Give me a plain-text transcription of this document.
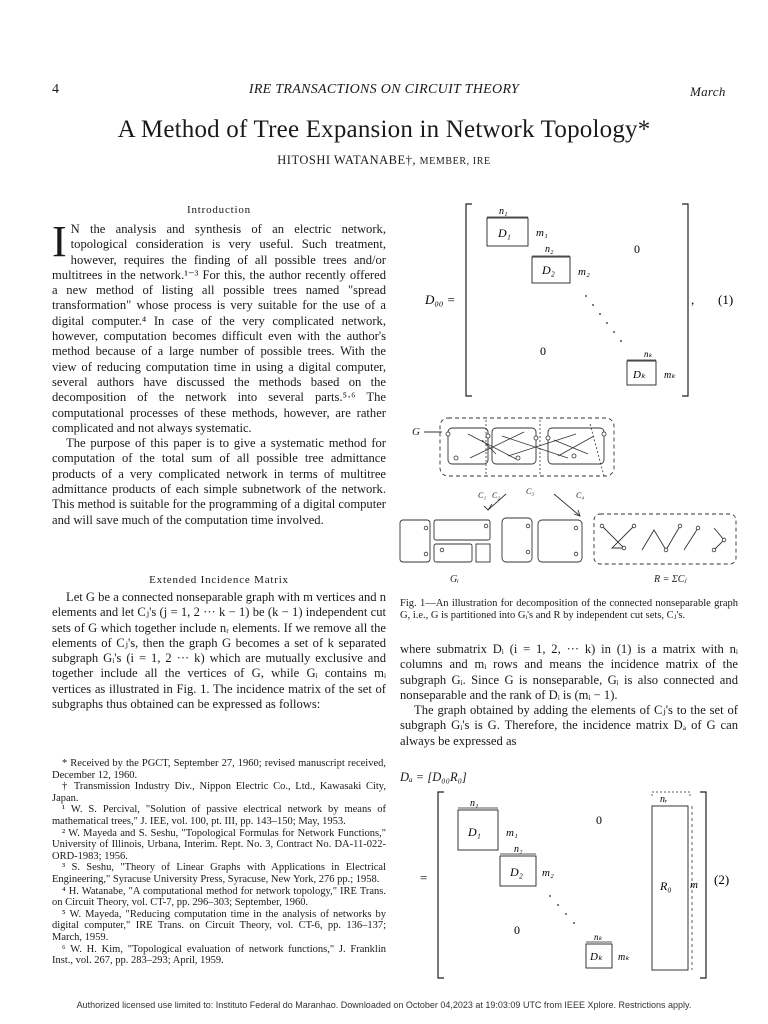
4	IRE TRANSACTIONS ON CIRCUIT THEORY	March
A Method of Tree Expansion in Network Topology*
HITOSHI WATANABE†, MEMBER, IRE
Introduction

I N the analysis and synthesis of an electric network, topological consideration is very useful. Such treatment, however, requires the finding of all possible trees and/or multitrees in the network.¹⁻³ For this, the author recently offered a new method of listing all possible trees named "spread transformation" whose process is very suitable for the use of a digital computer.⁴ In case of the very complicated network, however, computation becomes difficult even with the author's method because of a large number of possible trees. With the view of reducing computation time in using a digital computer, several authors have discussed the methods based on the decomposition of the network into several parts.⁵·⁶ The computational processes of these methods, however, are rather complicated and not always systematic.

The purpose of this paper is to give a systematic method for computation of the total sum of all possible tree admittance products of a very complicated network in terms of multitree admittance products of each simple subnetwork of the network. This method is suitable for the programming of a digital computer and will save much of the computation time involved.

Extended Incidence Matrix

Let G be a connected nonseparable graph with m vertices and n elements and let Cⱼ's (j = 1, 2 ··· k − 1) be (k − 1) independent cut sets of G which together include nᵣ elements. If we remove all the elements of Cⱼ's, then the graph G becomes a set of k separated subgraph Gᵢ's (i = 1, 2 ··· k) which are mutually exclusive and together include all the vertices of G, while Gᵢ contains mᵢ vertices as illustrated in Fig. 1. The incidence matrix of the set of subgraphs thus obtained can be expressed as follows:

* Received by the PGCT, September 27, 1960; revised manuscript received, December 12, 1960.

† Transmission Industry Div., Nippon Electric Co., Ltd., Kawasaki City, Japan.

¹ W. S. Percival, "Solution of passive electrical network by means of mathematical trees," J. IEE, vol. 100, pt. III, pp. 143–150; May, 1953.

² W. Mayeda and S. Seshu, "Topological Formulas for Network Functions," University of Illinois, Urbana, Interim. Rept. No. 3, Contract No. DA-11-022-ORD-1983; 1956.

³ S. Seshu, "Theory of Linear Graphs with Applications in Electrical Engineering," Syracuse University Press, Syracuse, New York, 276 pp.; 1958.

⁴ H. Watanabe, "A computational method for network topology," IRE Trans. on Circuit Theory, vol. CT-7, pp. 296–303; September, 1960.

⁵ W. Mayeda, "Reducing computation time in the analysis of networks by digital computer," IRE Trans. on Circuit Theory, vol. CT-6, pp. 136–137; March, 1959.

⁶ W. H. Kim, "Topological evaluation of network functions," J. Franklin Inst., vol. 267, pp. 283–293; April, 1959.

D₀₀ =
n₁
D₁ m₁
n₂
D₂ m₂
0
0	nₖ
Dₖ mₖ
, (1)
G
C₁ C₂	C₃	C₄
Gᵢ	R = ΣCⱼ
Fig. 1—An illustration for decomposition of the connected nonseparable graph G, i.e., G is partitioned into Gᵢ's and R by independent cut sets, Cⱼ's.

where submatrix Dᵢ (i = 1, 2, ··· k) in (1) is a matrix with nᵢ columns and mᵢ rows and means the incidence matrix of the subgraph Gᵢ. Since G is nonseparable, Gᵢ is also connected and nonseparable and the rank of Dᵢ is (mᵢ − 1).

The graph obtained by adding the elements of Cⱼ's to the set of subgraph Gᵢ's is G. Therefore, the incidence matrix Dₐ of G can always be expressed as

Dₐ = [D₀₀R₀]
=
n₁
D₁ m₁
n₂
D₂ m₂
0
0	nₖ
Dₖ mₖ
nᵣ
R₀ m (2)
Authorized licensed use limited to: Instituto Federal do Maranhao. Downloaded on October 04,2023 at 19:03:09 UTC from IEEE Xplore. Restrictions apply.
